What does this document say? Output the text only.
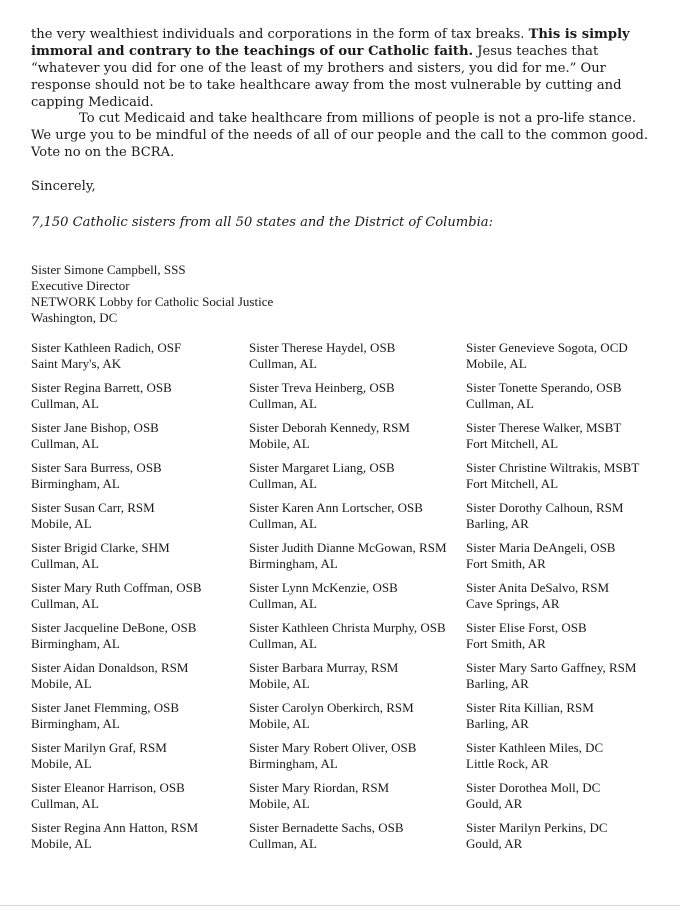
the very wealthiest individuals and corporations in the form of tax breaks. This is simply immoral and contrary to the teachings of our Catholic faith. Jesus teaches that “whatever you did for one of the least of my brothers and sisters, you did for me.” Our response should not be to take healthcare away from the most vulnerable by cutting and capping Medicaid.

To cut Medicaid and take healthcare from millions of people is not a pro-life stance. We urge you to be mindful of the needs of all of our people and the call to the common good. Vote no on the BCRA.

Sincerely,

7,150 Catholic sisters from all 50 states and the District of Columbia:

Sister Simone Campbell, SSS
Executive Director
NETWORK Lobby for Catholic Social Justice
Washington, DC
Sister Kathleen Radich, OSF
Saint Mary's, AK
Sister Regina Barrett, OSB
Cullman, AL
Sister Jane Bishop, OSB
Cullman, AL
Sister Sara Burress, OSB
Birmingham, AL
Sister Susan Carr, RSM
Mobile, AL
Sister Brigid Clarke, SHM
Cullman, AL
Sister Mary Ruth Coffman, OSB
Cullman, AL
Sister Jacqueline DeBone, OSB
Birmingham, AL
Sister Aidan Donaldson, RSM
Mobile, AL
Sister Janet Flemming, OSB
Birmingham, AL
Sister Marilyn Graf, RSM
Mobile, AL
Sister Eleanor Harrison, OSB
Cullman, AL
Sister Regina Ann Hatton, RSM
Mobile, AL
Sister Therese Haydel, OSB
Cullman, AL
Sister Treva Heinberg, OSB
Cullman, AL
Sister Deborah Kennedy, RSM
Mobile, AL
Sister Margaret Liang, OSB
Cullman, AL
Sister Karen Ann Lortscher, OSB
Cullman, AL
Sister Judith Dianne McGowan, RSM
Birmingham, AL
Sister Lynn McKenzie, OSB
Cullman, AL
Sister Kathleen Christa Murphy, OSB
Cullman, AL
Sister Barbara Murray, RSM
Mobile, AL
Sister Carolyn Oberkirch, RSM
Mobile, AL
Sister Mary Robert Oliver, OSB
Birmingham, AL
Sister Mary Riordan, RSM
Mobile, AL
Sister Bernadette Sachs, OSB
Cullman, AL
Sister Genevieve Sogota, OCD
Mobile, AL
Sister Tonette Sperando, OSB
Cullman, AL
Sister Therese Walker, MSBT
Fort Mitchell, AL
Sister Christine Wiltrakis, MSBT
Fort Mitchell, AL
Sister Dorothy Calhoun, RSM
Barling, AR
Sister Maria DeAngeli, OSB
Fort Smith, AR
Sister Anita DeSalvo, RSM
Cave Springs, AR
Sister Elise Forst, OSB
Fort Smith, AR
Sister Mary Sarto Gaffney, RSM
Barling, AR
Sister Rita Killian, RSM
Barling, AR
Sister Kathleen Miles, DC
Little Rock, AR
Sister Dorothea Moll, DC
Gould, AR
Sister Marilyn Perkins, DC
Gould, AR
